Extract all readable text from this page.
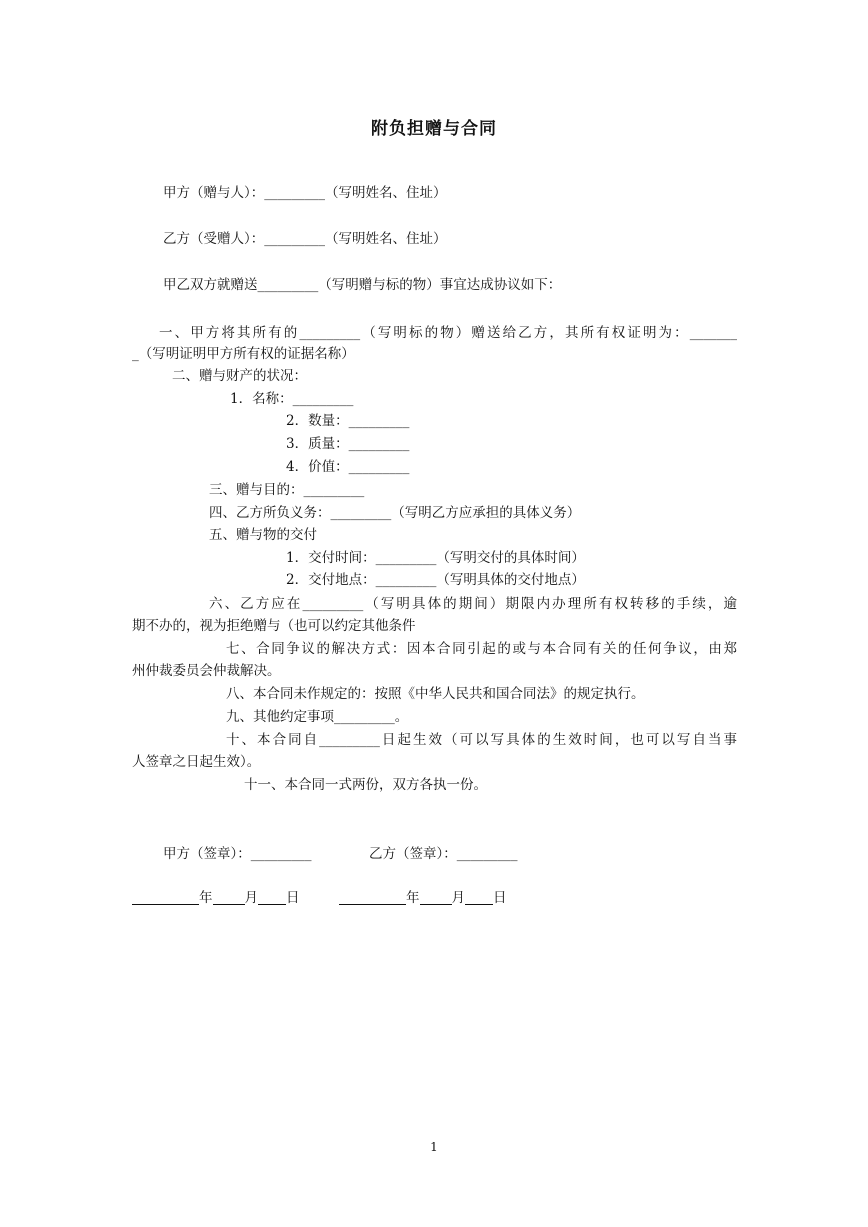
附负担赠与合同
甲方（赠与人）：_________（写明姓名、住址）
乙方（受赠人）：_________（写明姓名、住址）
甲乙双方就赠送_________（写明赠与标的物）事宜达成协议如下：
一、甲方将其所有的_________（写明标的物）赠送给乙方，其所有权证明为：_______
_（写明证明甲方所有权的证据名称）
二、赠与财产的状况：
1．名称：_________
2．数量：_________
3．质量：_________
4．价值：_________
三、赠与目的：_________
四、乙方所负义务：_________（写明乙方应承担的具体义务）
五、赠与物的交付
1．交付时间：_________（写明交付的具体时间）
2．交付地点：_________（写明具体的交付地点）
六、乙方应在_________（写明具体的期间）期限内办理所有权转移的手续，逾
期不办的，视为拒绝赠与（也可以约定其他条件
七、合同争议的解决方式：因本合同引起的或与本合同有关的任何争议，由郑
州仲裁委员会仲裁解决。
八、本合同未作规定的：按照《中华人民共和国合同法》的规定执行。
九、其他约定事项_________。
十、本合同自_________日起生效（可以写具体的生效时间，也可以写自当事
人签章之日起生效）。
十一、本合同一式两份，双方各执一份。
甲方（签章）：_________	乙方（签章）：_________
年 月 日	年 月 日
1
